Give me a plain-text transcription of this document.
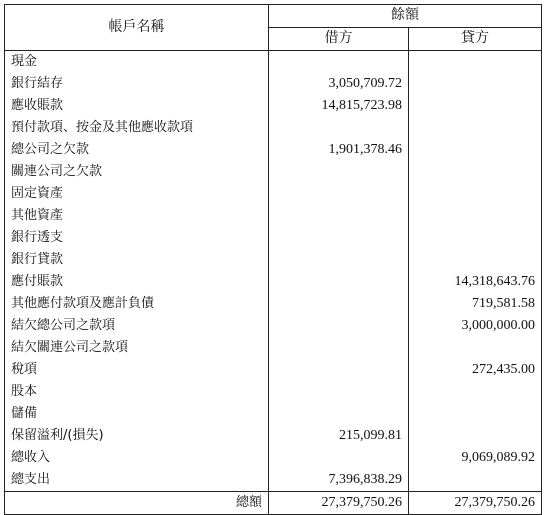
帳戶名稱	餘額	
	借方	貸方
現金		
銀行結存	3,050,709.72	
應收賬款	14,815,723.98	
預付款項、按金及其他應收款項		
總公司之欠款	1,901,378.46	
關連公司之欠款		
固定資產		
其他資產		
銀行透支		
銀行貸款		
應付賬款		14,318,643.76
其他應付款項及應計負債		719,581.58
結欠總公司之款項		3,000,000.00
結欠關連公司之款項		
稅項		272,435.00
股本		
儲備		
保留溢利/(損失)	215,099.81	
總收入		9,069,089.92
總支出	7,396,838.29	
總額	27,379,750.26	27,379,750.26
